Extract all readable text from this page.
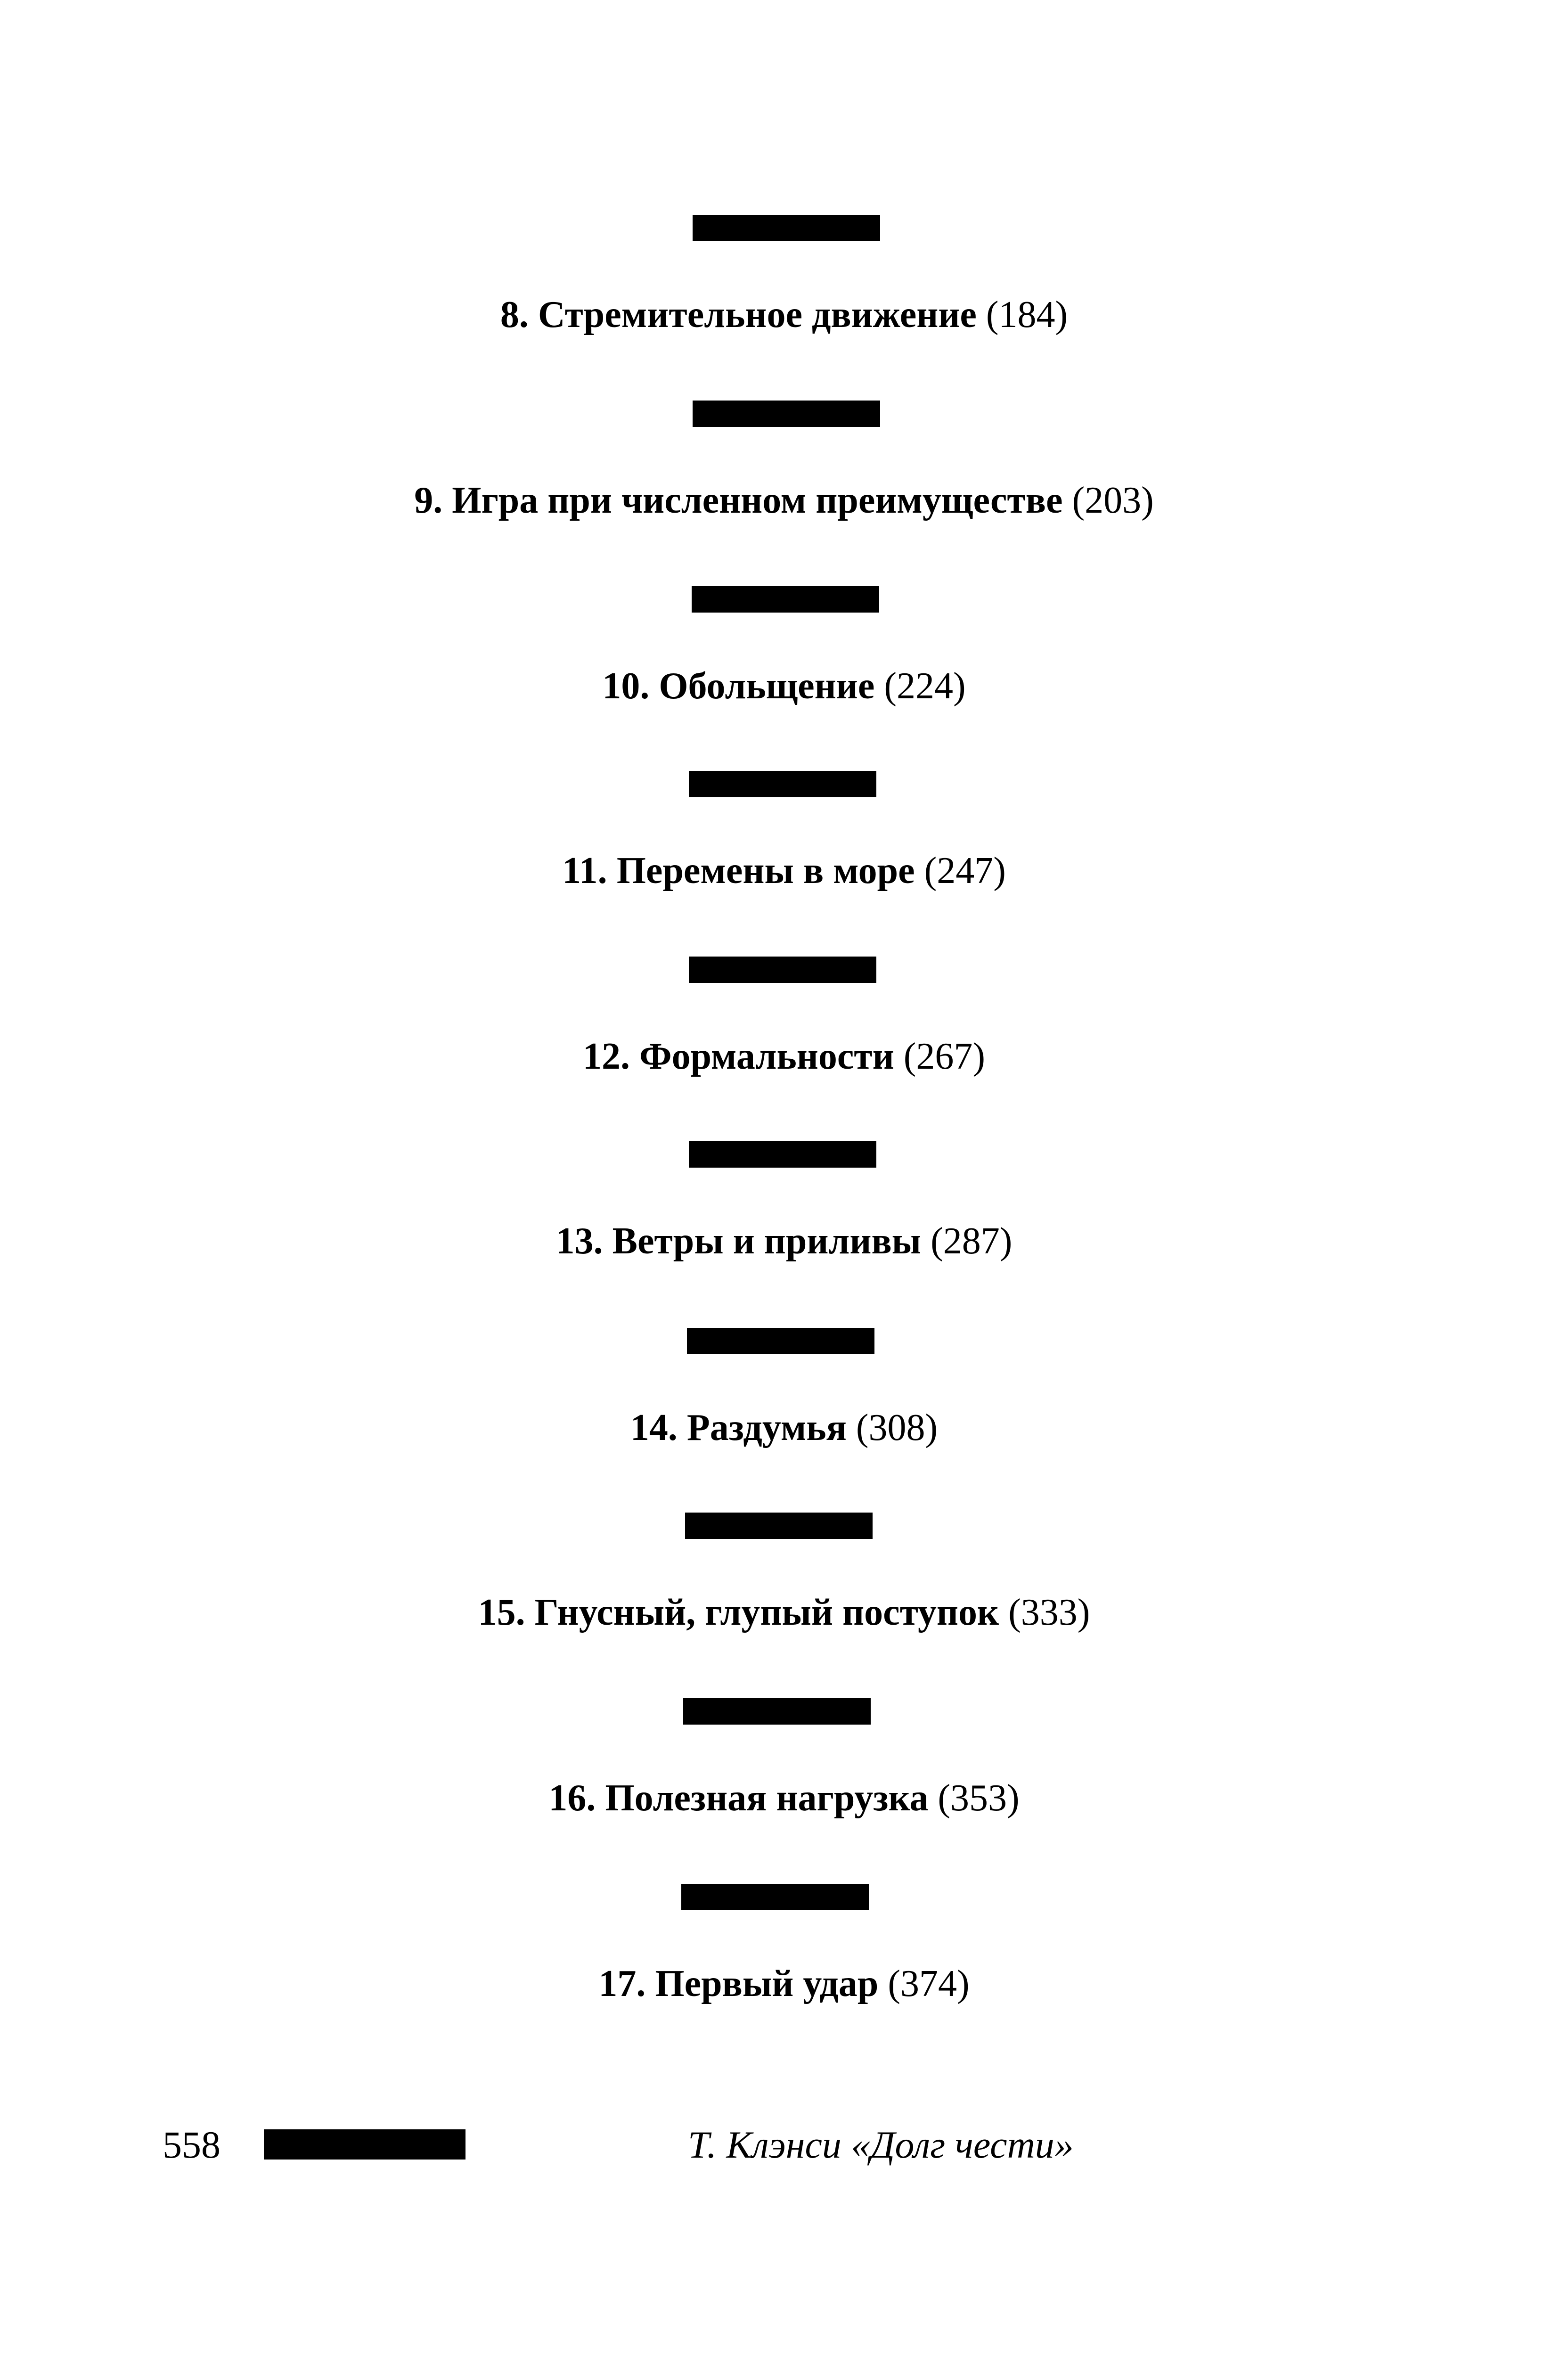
8. Стремительное движение (184)
9. Игра при численном преимуществе (203)
10. Обольщение (224)
11. Перемены в море (247)
12. Формальности (267)
13. Ветры и приливы (287)
14. Раздумья (308)
15. Гнусный, глупый поступок (333)
16. Полезная нагрузка (353)
17. Первый удар (374)
558	Т. Клэнси «Долг чести»
